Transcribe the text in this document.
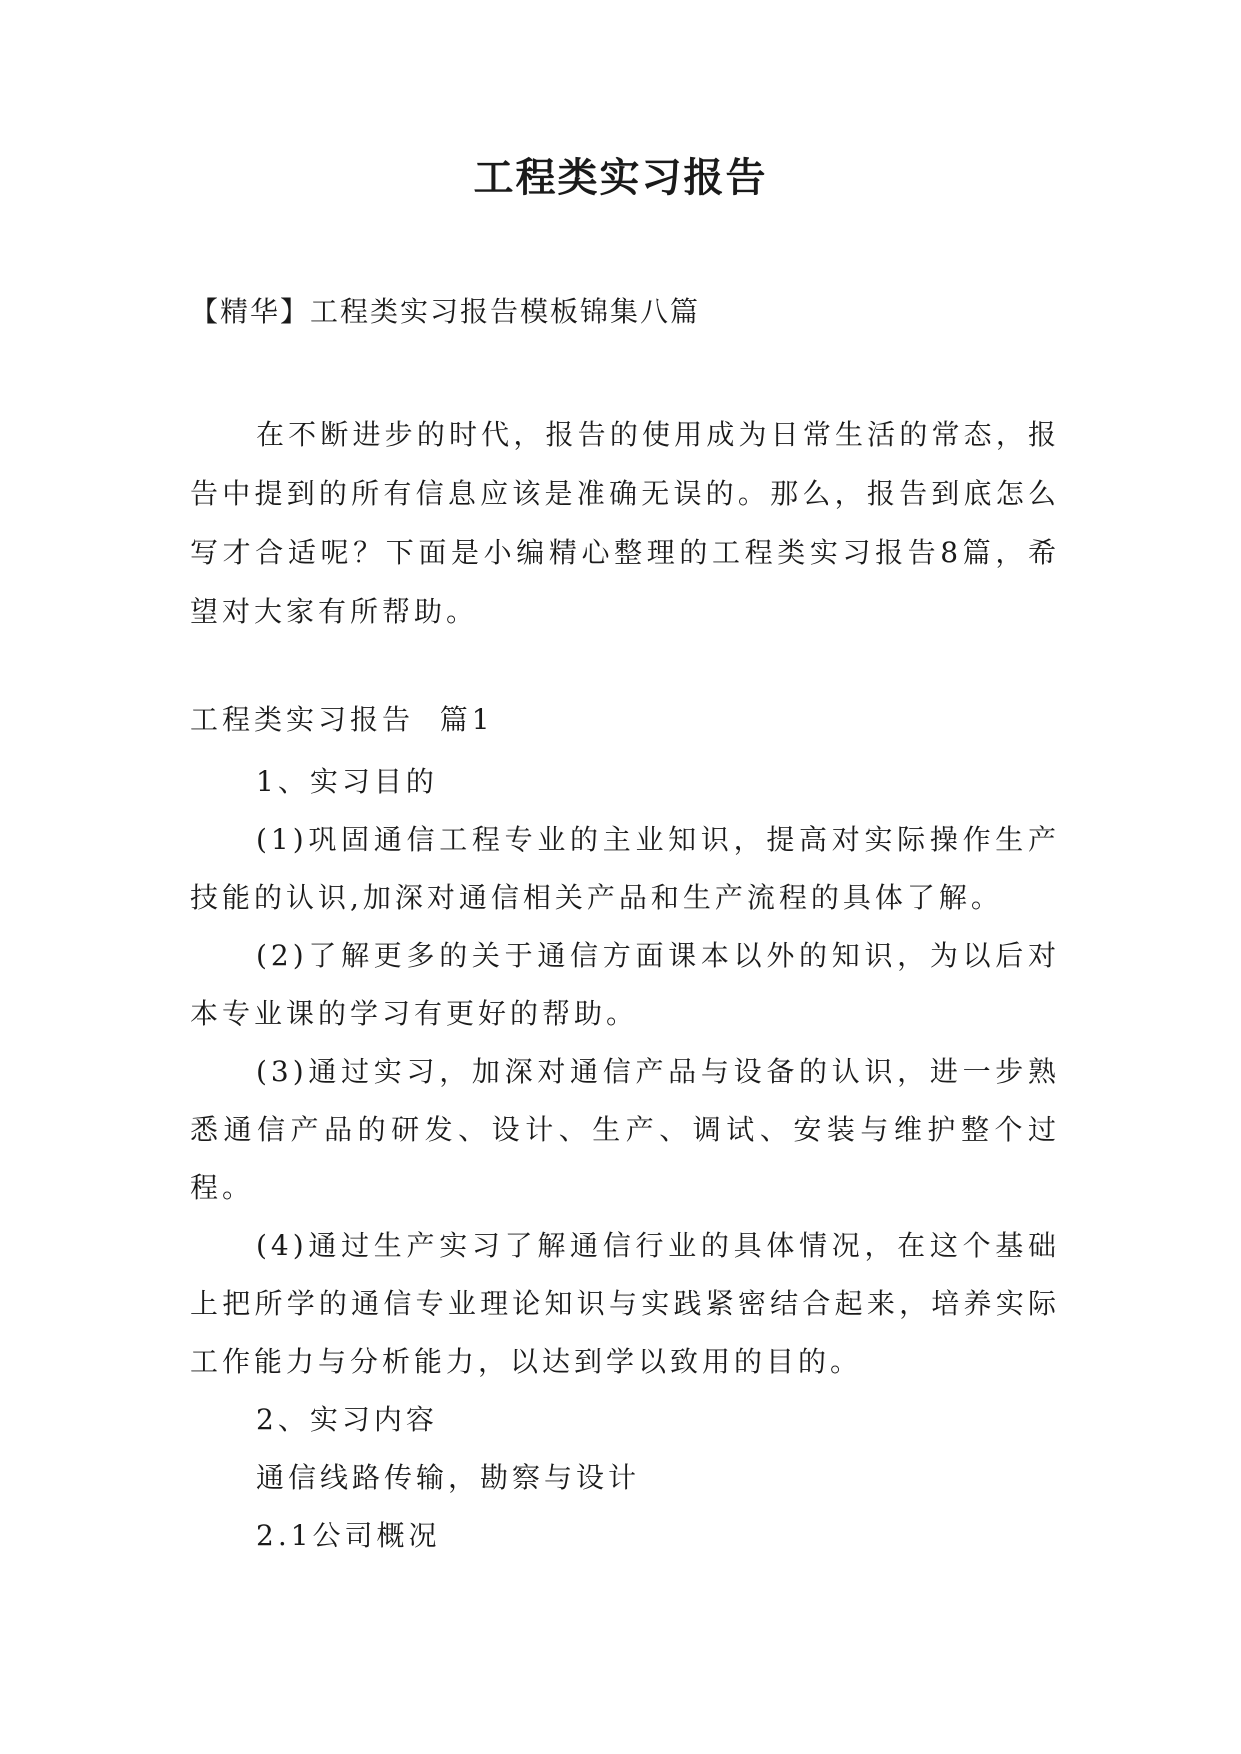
工程类实习报告

【精华】工程类实习报告模板锦集八篇

在不断进步的时代，报告的使用成为日常生活的常态，报告中提到的所有信息应该是准确无误的。那么，报告到底怎么写才合适呢？下面是小编精心整理的工程类实习报告8篇，希望对大家有所帮助。

工程类实习报告  篇1

1、实习目的

(1)巩固通信工程专业的主业知识，提高对实际操作生产技能的认识,加深对通信相关产品和生产流程的具体了解。

(2)了解更多的关于通信方面课本以外的知识，为以后对本专业课的学习有更好的帮助。

(3)通过实习，加深对通信产品与设备的认识，进一步熟悉通信产品的研发、设计、生产、调试、安装与维护整个过程。

(4)通过生产实习了解通信行业的具体情况，在这个基础上把所学的通信专业理论知识与实践紧密结合起来，培养实际工作能力与分析能力，以达到学以致用的目的。

2、实习内容

通信线路传输，勘察与设计

2.1公司概况
